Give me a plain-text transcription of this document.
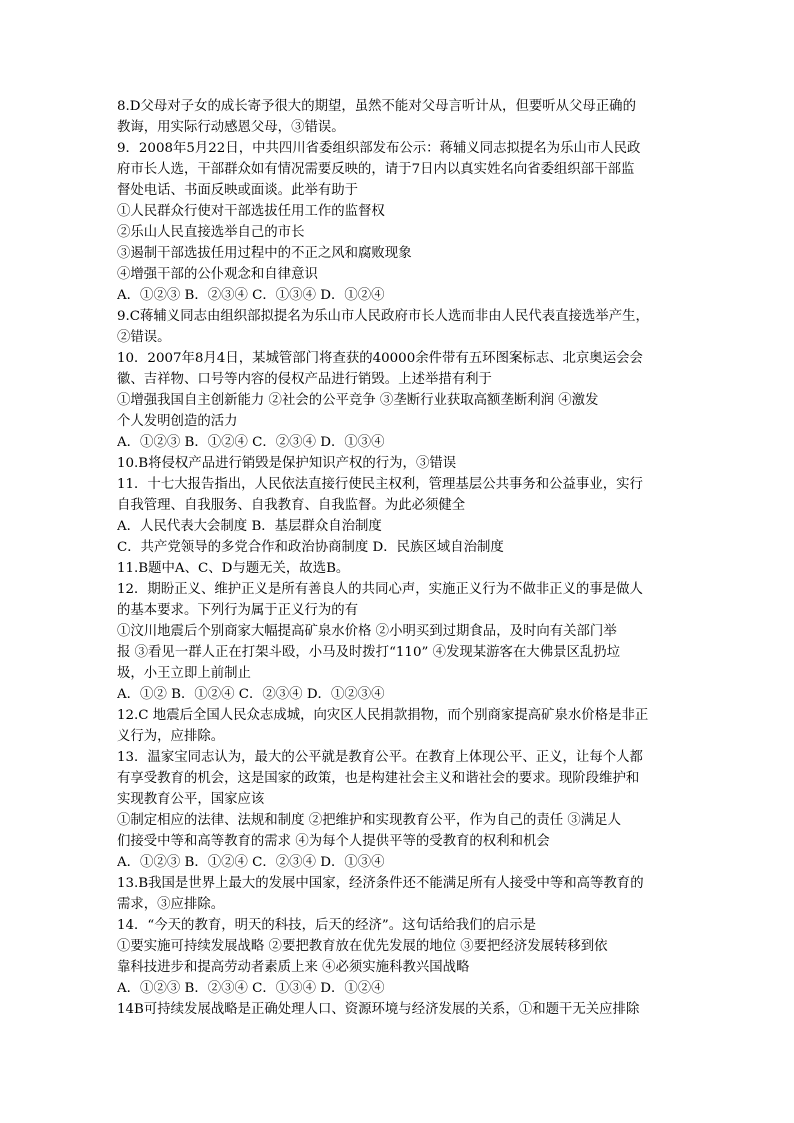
8.D父母对子女的成长寄予很大的期望，虽然不能对父母言听计从，但要听从父母正确的
教诲，用实际行动感恩父母，③错误。
9．2008年5月22日，中共四川省委组织部发布公示：蒋辅义同志拟提名为乐山市人民政
府市长人选，干部群众如有情况需要反映的，请于7日内以真实姓名向省委组织部干部监
督处电话、书面反映或面谈。此举有助于
①人民群众行使对干部选拔任用工作的监督权
②乐山人民直接选举自己的市长
③遏制干部选拔任用过程中的不正之风和腐败现象
④增强干部的公仆观念和自律意识
A．①②③ B．②③④ C．①③④ D．①②④
9.C蒋辅义同志由组织部拟提名为乐山市人民政府市长人选而非由人民代表直接选举产生，
②错误。
10．2007年8月4日，某城管部门将查获的40000余件带有五环图案标志、北京奥运会会
徽、吉祥物、口号等内容的侵权产品进行销毁。上述举措有利于
①增强我国自主创新能力 ②社会的公平竞争 ③垄断行业获取高额垄断利润 ④激发
个人发明创造的活力
A．①②③ B．①②④ C．②③④ D．①③④
10.B将侵权产品进行销毁是保护知识产权的行为，③错误
11．十七大报告指出，人民依法直接行使民主权利，管理基层公共事务和公益事业，实行
自我管理、自我服务、自我教育、自我监督。为此必须健全
A．人民代表大会制度 B．基层群众自治制度
C．共产党领导的多党合作和政治协商制度 D．民族区域自治制度
11.B题中A、C、D与题无关，故选B。
12．期盼正义、维护正义是所有善良人的共同心声，实施正义行为不做非正义的事是做人
的基本要求。下列行为属于正义行为的有
①汶川地震后个别商家大幅提高矿泉水价格 ②小明买到过期食品，及时向有关部门举
报 ③看见一群人正在打架斗殴，小马及时拨打“110” ④发现某游客在大佛景区乱扔垃
圾，小王立即上前制止
A．①② B．①②④ C．②③④ D．①②③④
12.C 地震后全国人民众志成城，向灾区人民捐款捐物，而个别商家提高矿泉水价格是非正
义行为，应排除。
13．温家宝同志认为，最大的公平就是教育公平。在教育上体现公平、正义，让每个人都
有享受教育的机会，这是国家的政策，也是构建社会主义和谐社会的要求。现阶段维护和
实现教育公平，国家应该
①制定相应的法律、法规和制度 ②把维护和实现教育公平，作为自己的责任 ③满足人
们接受中等和高等教育的需求 ④为每个人提供平等的受教育的权利和机会
A．①②③ B．①②④ C．②③④ D．①③④
13.B我国是世界上最大的发展中国家，经济条件还不能满足所有人接受中等和高等教育的
需求，③应排除。
14．“今天的教育，明天的科技，后天的经济”。这句话给我们的启示是
①要实施可持续发展战略 ②要把教育放在优先发展的地位 ③要把经济发展转移到依
靠科技进步和提高劳动者素质上来 ④必须实施科教兴国战略
A．①②③ B．②③④ C．①③④ D．①②④
14B可持续发展战略是正确处理人口、资源环境与经济发展的关系，①和题干无关应排除
